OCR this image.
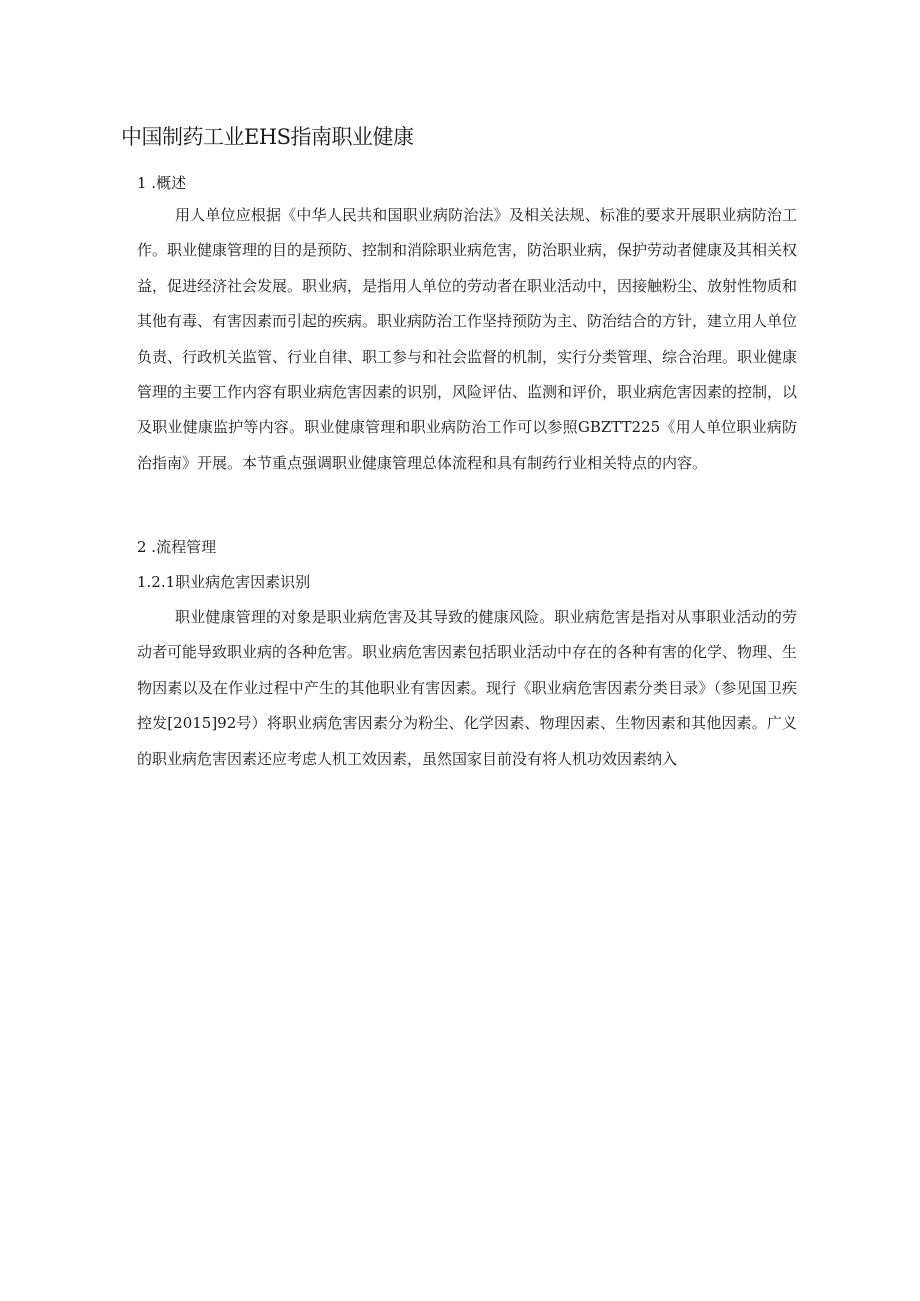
中国制药工业EHS指南职业健康
1 .概述

用人单位应根据《中华人民共和国职业病防治法》及相关法规、标准的要求开展职业病防治工作。职业健康管理的目的是预防、控制和消除职业病危害，防治职业病，保护劳动者健康及其相关权益，促进经济社会发展。职业病，是指用人单位的劳动者在职业活动中，因接触粉尘、放射性物质和其他有毒、有害因素而引起的疾病。职业病防治工作坚持预防为主、防治结合的方针，建立用人单位负责、行政机关监管、行业自律、职工参与和社会监督的机制，实行分类管理、综合治理。职业健康管理的主要工作内容有职业病危害因素的识别，风险评估、监测和评价，职业病危害因素的控制，以及职业健康监护等内容。职业健康管理和职业病防治工作可以参照GBZTT225《用人单位职业病防治指南》开展。本节重点强调职业健康管理总体流程和具有制药行业相关特点的内容。

2 .流程管理
1.2.1职业病危害因素识别

职业健康管理的对象是职业病危害及其导致的健康风险。职业病危害是指对从事职业活动的劳动者可能导致职业病的各种危害。职业病危害因素包括职业活动中存在的各种有害的化学、物理、生物因素以及在作业过程中产生的其他职业有害因素。现行《职业病危害因素分类目录》（参见国卫疾控发[2015]92号）将职业病危害因素分为粉尘、化学因素、物理因素、生物因素和其他因素。广义的职业病危害因素还应考虑人机工效因素，虽然国家目前没有将人机功效因素纳入
